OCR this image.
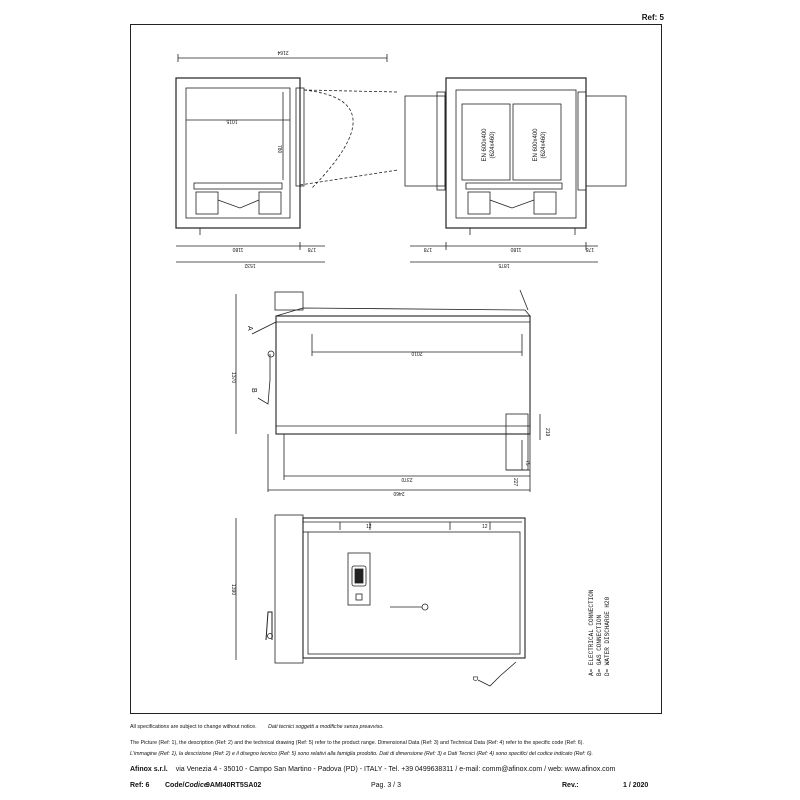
Ref: 5
2164
1015
780
1180	178
1532
EN 600x400 (624x460)	EN 600x400 (624x460)
178	1180	178
1875
2010
1370
A
B
219
75
227
2370
2460
12	12
1390
D
A= ELECTRICAL CONNECTION B= GAS CONNECTION D= WATER DISCHARGE H20
All specifications are subject to change without notice. Dati tecnici soggetti a modifiche senza preavviso.
The Picture (Ref: 1), the description (Ref: 2) and the technical drawing (Ref: 5) refer to the product range. Dimensional Data (Ref: 3) and Technical Data (Ref: 4) refer to the specific code (Ref: 6).
L'immagine (Ref: 1), la descrizione (Ref: 2) e il disegno tecnico (Ref: 5) sono relativi alla famiglia prodotto. Dati di dimensione (Ref: 3) e Dati Tecnici (Ref: 4) sono specifici del codice indicato (Ref: 6).
Afinox s.r.l. via Venezia 4 - 35010 - Campo San Martino - Padova (PD) - ITALY - Tel. +39 0499638311 / e-mail: comm@afinox.com / web: www.afinox.com
Ref: 6 Code/Codice
9AMI40RT5SA02	Pag. 3 / 3	Rev.:	1 / 2020
